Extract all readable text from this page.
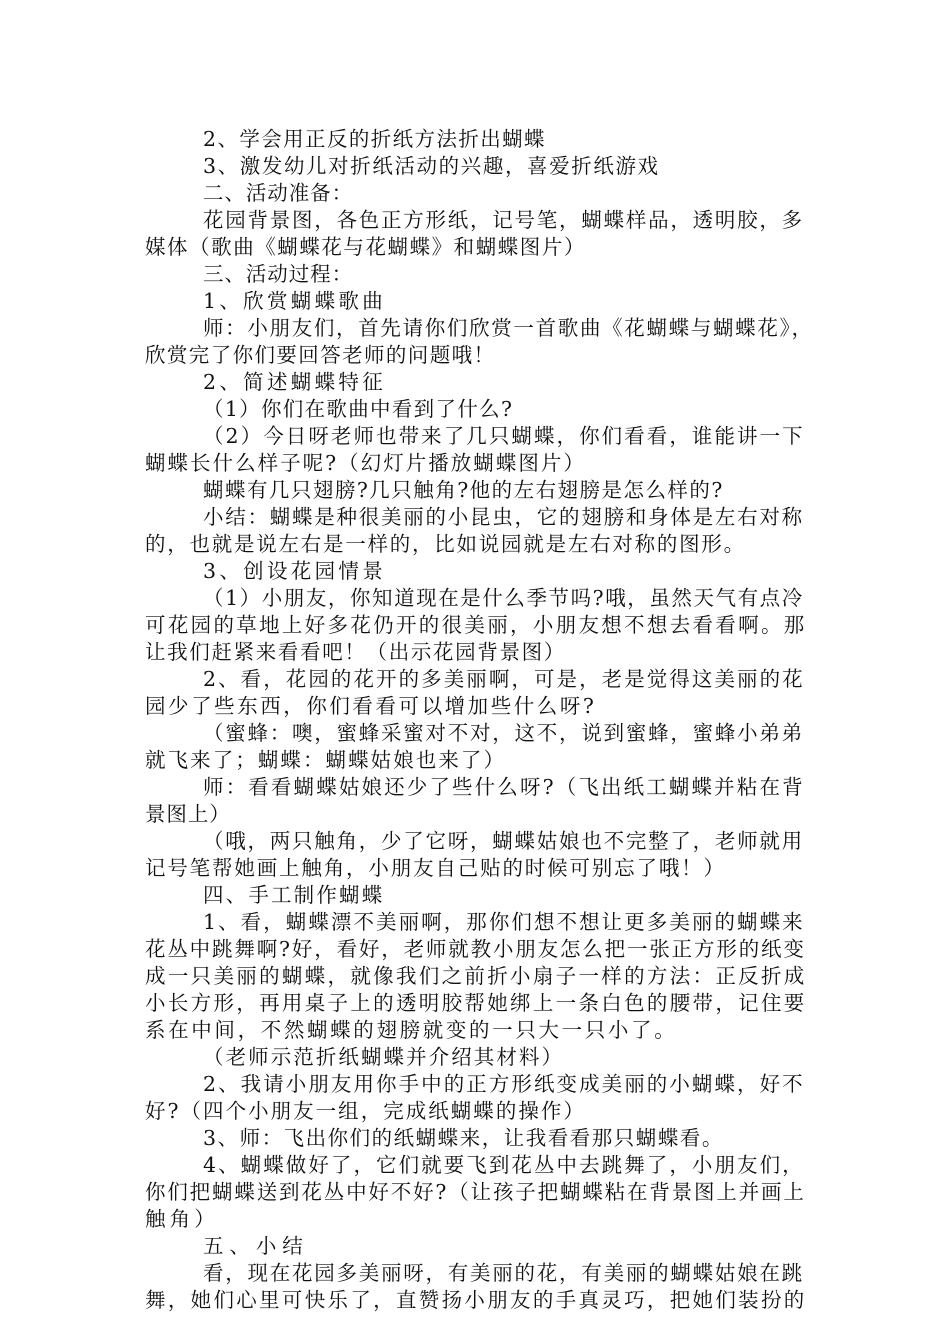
2、学会用正反的折纸方法折出蝴蝶
3、激发幼儿对折纸活动的兴趣，喜爱折纸游戏
二、活动准备：
花园背景图，各色正方形纸，记号笔，蝴蝶样品，透明胶，多
媒体（歌曲《蝴蝶花与花蝴蝶》和蝴蝶图片）
三、活动过程：
1、欣赏蝴蝶歌曲
师：小朋友们，首先请你们欣赏一首歌曲《花蝴蝶与蝴蝶花》，
欣赏完了你们要回答老师的问题哦！
2、简述蝴蝶特征
（1）你们在歌曲中看到了什么?
（2）今日呀老师也带来了几只蝴蝶，你们看看，谁能讲一下
蝴蝶长什么样子呢?（幻灯片播放蝴蝶图片）
蝴蝶有几只翅膀?几只触角?他的左右翅膀是怎么样的?
小结：蝴蝶是种很美丽的小昆虫，它的翅膀和身体是左右对称
的，也就是说左右是一样的，比如说园就是左右对称的图形。
3、创设花园情景
（1）小朋友，你知道现在是什么季节吗?哦，虽然天气有点冷
可花园的草地上好多花仍开的很美丽，小朋友想不想去看看啊。那
让我们赶紧来看看吧！（出示花园背景图）
2、看，花园的花开的多美丽啊，可是，老是觉得这美丽的花
园少了些东西，你们看看可以增加些什么呀?
（蜜蜂：噢，蜜蜂采蜜对不对，这不，说到蜜蜂，蜜蜂小弟弟
就飞来了；蝴蝶：蝴蝶姑娘也来了）
师：看看蝴蝶姑娘还少了些什么呀?（飞出纸工蝴蝶并粘在背
景图上）
（哦，两只触角，少了它呀，蝴蝶姑娘也不完整了，老师就用
记号笔帮她画上触角，小朋友自己贴的时候可别忘了哦！）
四、手工制作蝴蝶
1、看，蝴蝶漂不美丽啊，那你们想不想让更多美丽的蝴蝶来
花丛中跳舞啊?好，看好，老师就教小朋友怎么把一张正方形的纸变
成一只美丽的蝴蝶，就像我们之前折小扇子一样的方法：正反折成
小长方形，再用桌子上的透明胶帮她绑上一条白色的腰带，记住要
系在中间，不然蝴蝶的翅膀就变的一只大一只小了。
（老师示范折纸蝴蝶并介绍其材料）
2、我请小朋友用你手中的正方形纸变成美丽的小蝴蝶，好不
好?（四个小朋友一组，完成纸蝴蝶的操作）
3、师：飞出你们的纸蝴蝶来，让我看看那只蝴蝶看。
4、蝴蝶做好了，它们就要飞到花丛中去跳舞了，小朋友们，
你们把蝴蝶送到花丛中好不好?（让孩子把蝴蝶粘在背景图上并画上
触角）
五、小结
看，现在花园多美丽呀，有美丽的花，有美丽的蝴蝶姑娘在跳
舞，她们心里可快乐了，直赞扬小朋友的手真灵巧，把她们装扮的
